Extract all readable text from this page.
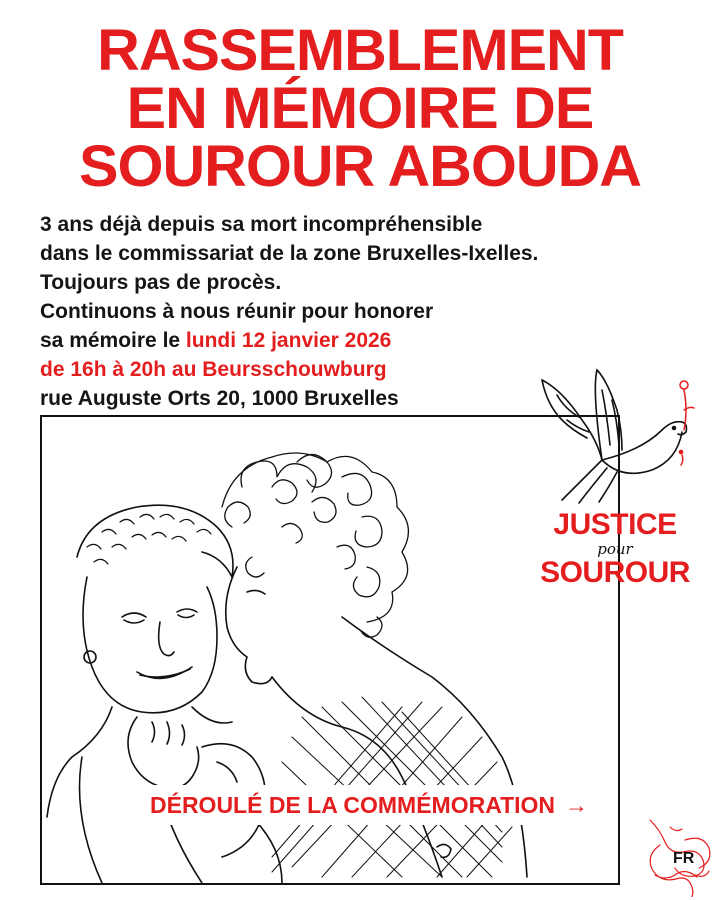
RASSEMBLEMENT
EN MÉMOIRE DE
SOUROUR ABOUDA
3 ans déjà depuis sa mort incompréhensible
dans le commissariat de la zone Bruxelles-Ixelles.
Toujours pas de procès.
Continuons à nous réunir pour honorer
sa mémoire le lundi 12 janvier 2026
de 16h à 20h au Beursschouwburg
rue Auguste Orts 20, 1000 Bruxelles
JUSTICE
pour
SOUROUR
DÉROULÉ DE LA COMMÉMORATION →
FR
